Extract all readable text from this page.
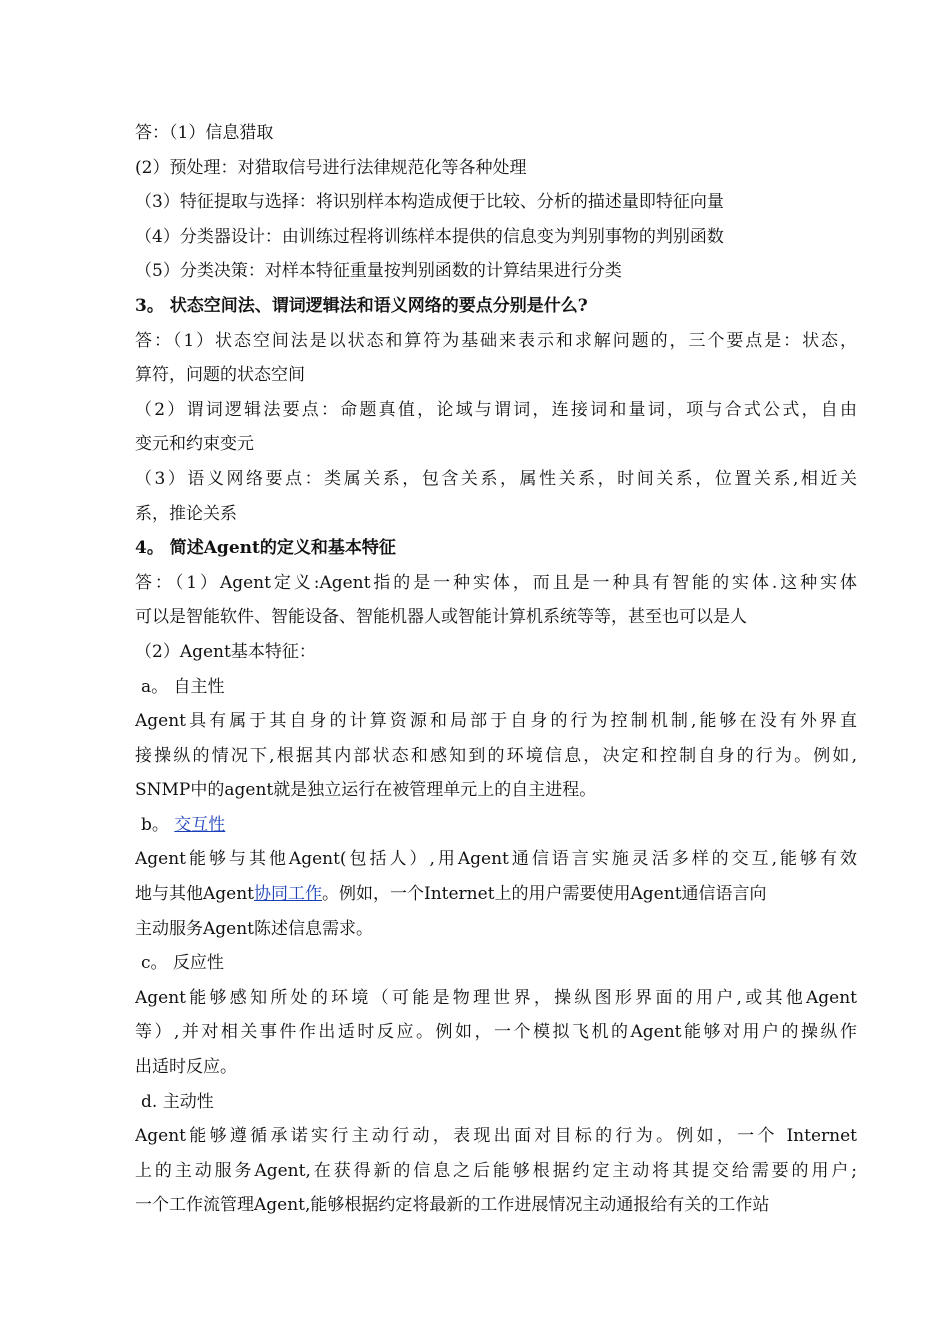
答：（1）信息猎取
(2）预处理：对猎取信号进行法律规范化等各种处理
（3）特征提取与选择：将识别样本构造成便于比较、分析的描述量即特征向量
（4）分类器设计：由训练过程将训练样本提供的信息变为判别事物的判别函数
（5）分类决策：对样本特征重量按判别函数的计算结果进行分类
3。 状态空间法、谓词逻辑法和语义网络的要点分别是什么?
答：（1）状态空间法是以状态和算符为基础来表示和求解问题的，三个要点是：状态，
算符，问题的状态空间
（2）谓词逻辑法要点：命题真值，论域与谓词，连接词和量词，项与合式公式，自由
变元和约束变元
（3）语义网络要点：类属关系，包含关系，属性关系，时间关系，位置关系,相近关
系，推论关系
4。 简述Agent的定义和基本特征
答：（1）Agent定义:Agent指的是一种实体，而且是一种具有智能的实体.这种实体
可以是智能软件、智能设备、智能机器人或智能计算机系统等等，甚至也可以是人
（2）Agent基本特征：
a。 自主性
Agent具有属于其自身的计算资源和局部于自身的行为控制机制,能够在没有外界直
接操纵的情况下,根据其内部状态和感知到的环境信息，决定和控制自身的行为。例如,
SNMP中的agent就是独立运行在被管理单元上的自主进程。
b。 交互性
Agent能够与其他Agent(包括人）,用Agent通信语言实施灵活多样的交互,能够有效
地与其他Agent协同工作。例如，一个Internet上的用户需要使用Agent通信语言向
主动服务Agent陈述信息需求。
c。 反应性
Agent能够感知所处的环境（可能是物理世界，操纵图形界面的用户,或其他Agent
等）,并对相关事件作出适时反应。例如，一个模拟飞机的Agent能够对用户的操纵作
出适时反应。
d. 主动性
Agent能够遵循承诺实行主动行动，表现出面对目标的行为。例如，一个 Internet
上的主动服务Agent,在获得新的信息之后能够根据约定主动将其提交给需要的用户;
一个工作流管理Agent,能够根据约定将最新的工作进展情况主动通报给有关的工作站
